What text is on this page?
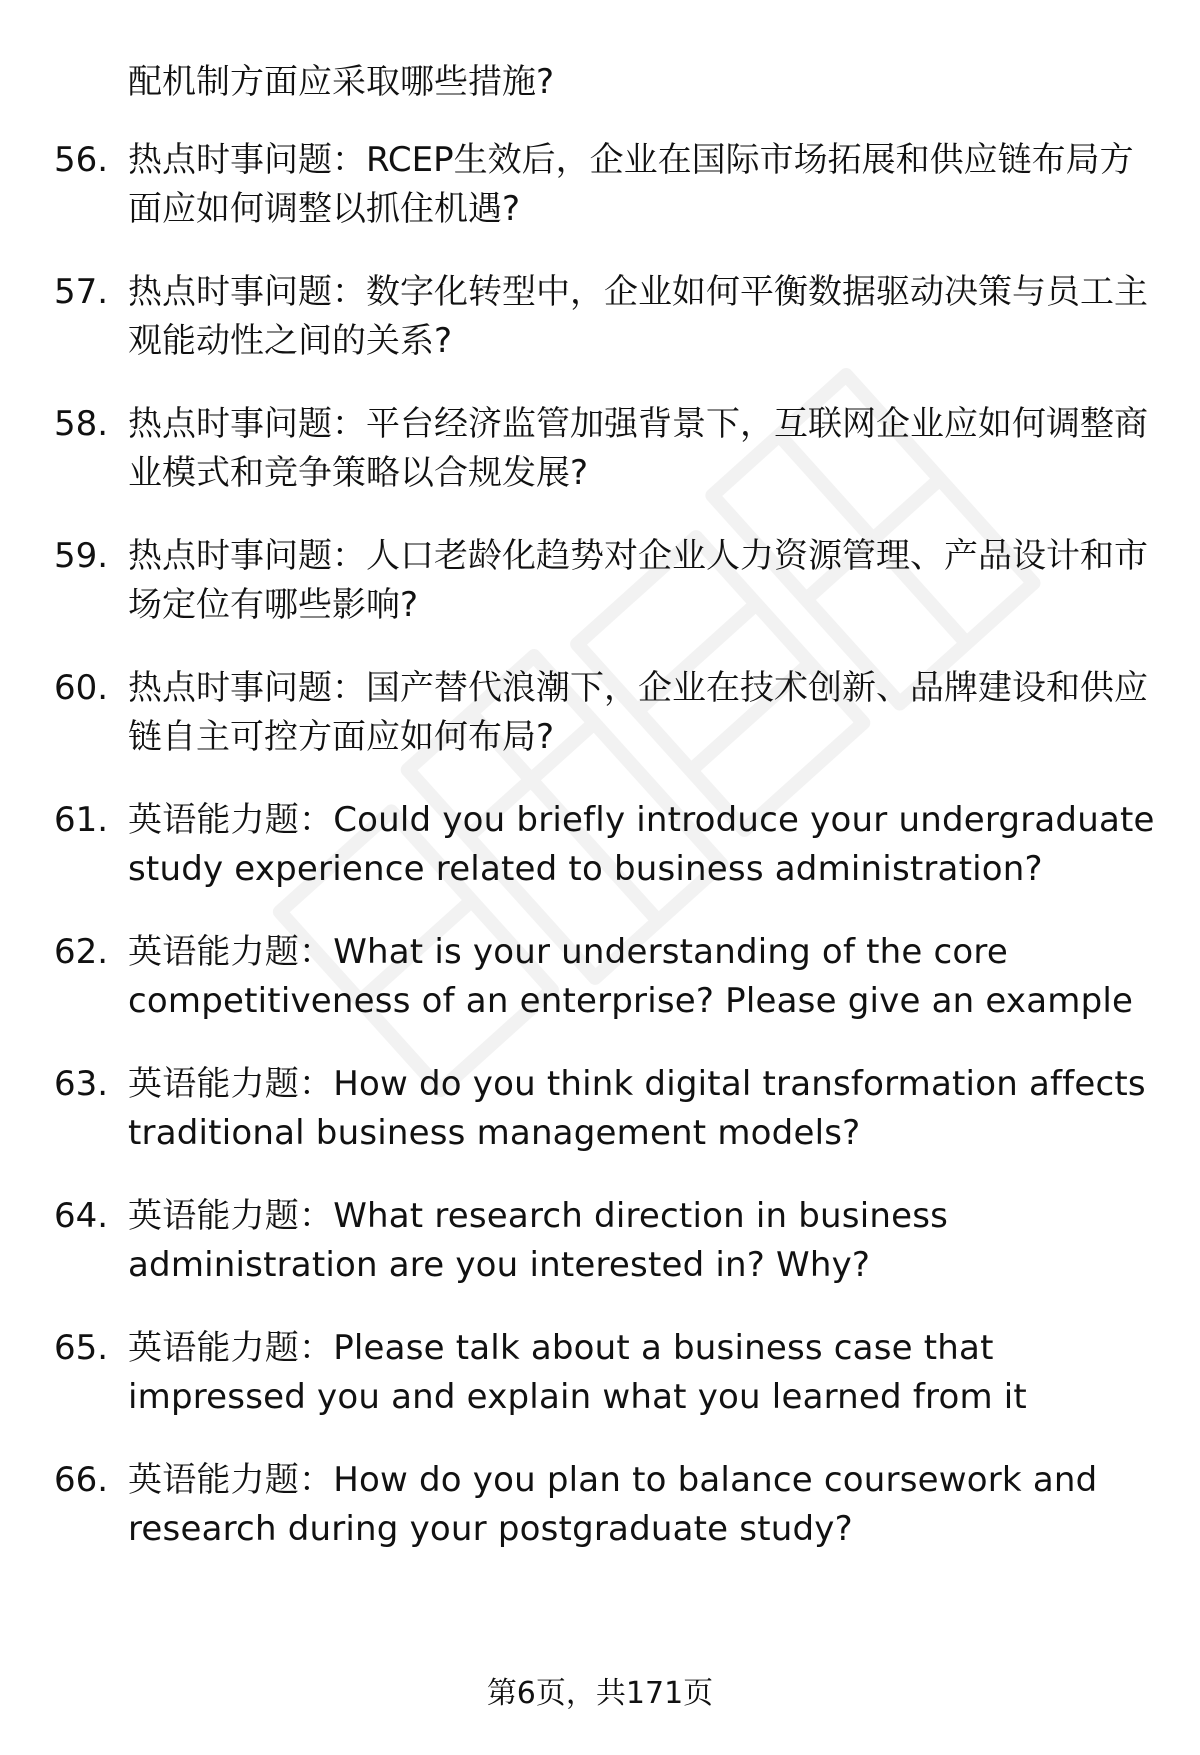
配机制方面应采取哪些措施?
56. 热点时事问题：RCEP生效后，企业在国际市场拓展和供应链布局方面应如何调整以抓住机遇?
57. 热点时事问题：数字化转型中，企业如何平衡数据驱动决策与员工主观能动性之间的关系?
58. 热点时事问题：平台经济监管加强背景下，互联网企业应如何调整商业模式和竞争策略以合规发展?
59. 热点时事问题：人口老龄化趋势对企业人力资源管理、产品设计和市场定位有哪些影响?
60. 热点时事问题：国产替代浪潮下，企业在技术创新、品牌建设和供应链自主可控方面应如何布局?
61. 英语能力题：Could you briefly introduce your undergraduate study experience related to business administration?
62. 英语能力题：What is your understanding of the core competitiveness of an enterprise? Please give an example
63. 英语能力题：How do you think digital transformation affects traditional business management models?
64. 英语能力题：What research direction in business administration are you interested in? Why?
65. 英语能力题：Please talk about a business case that impressed you and explain what you learned from it
66. 英语能力题：How do you plan to balance coursework and research during your postgraduate study?
第6页，共171页
